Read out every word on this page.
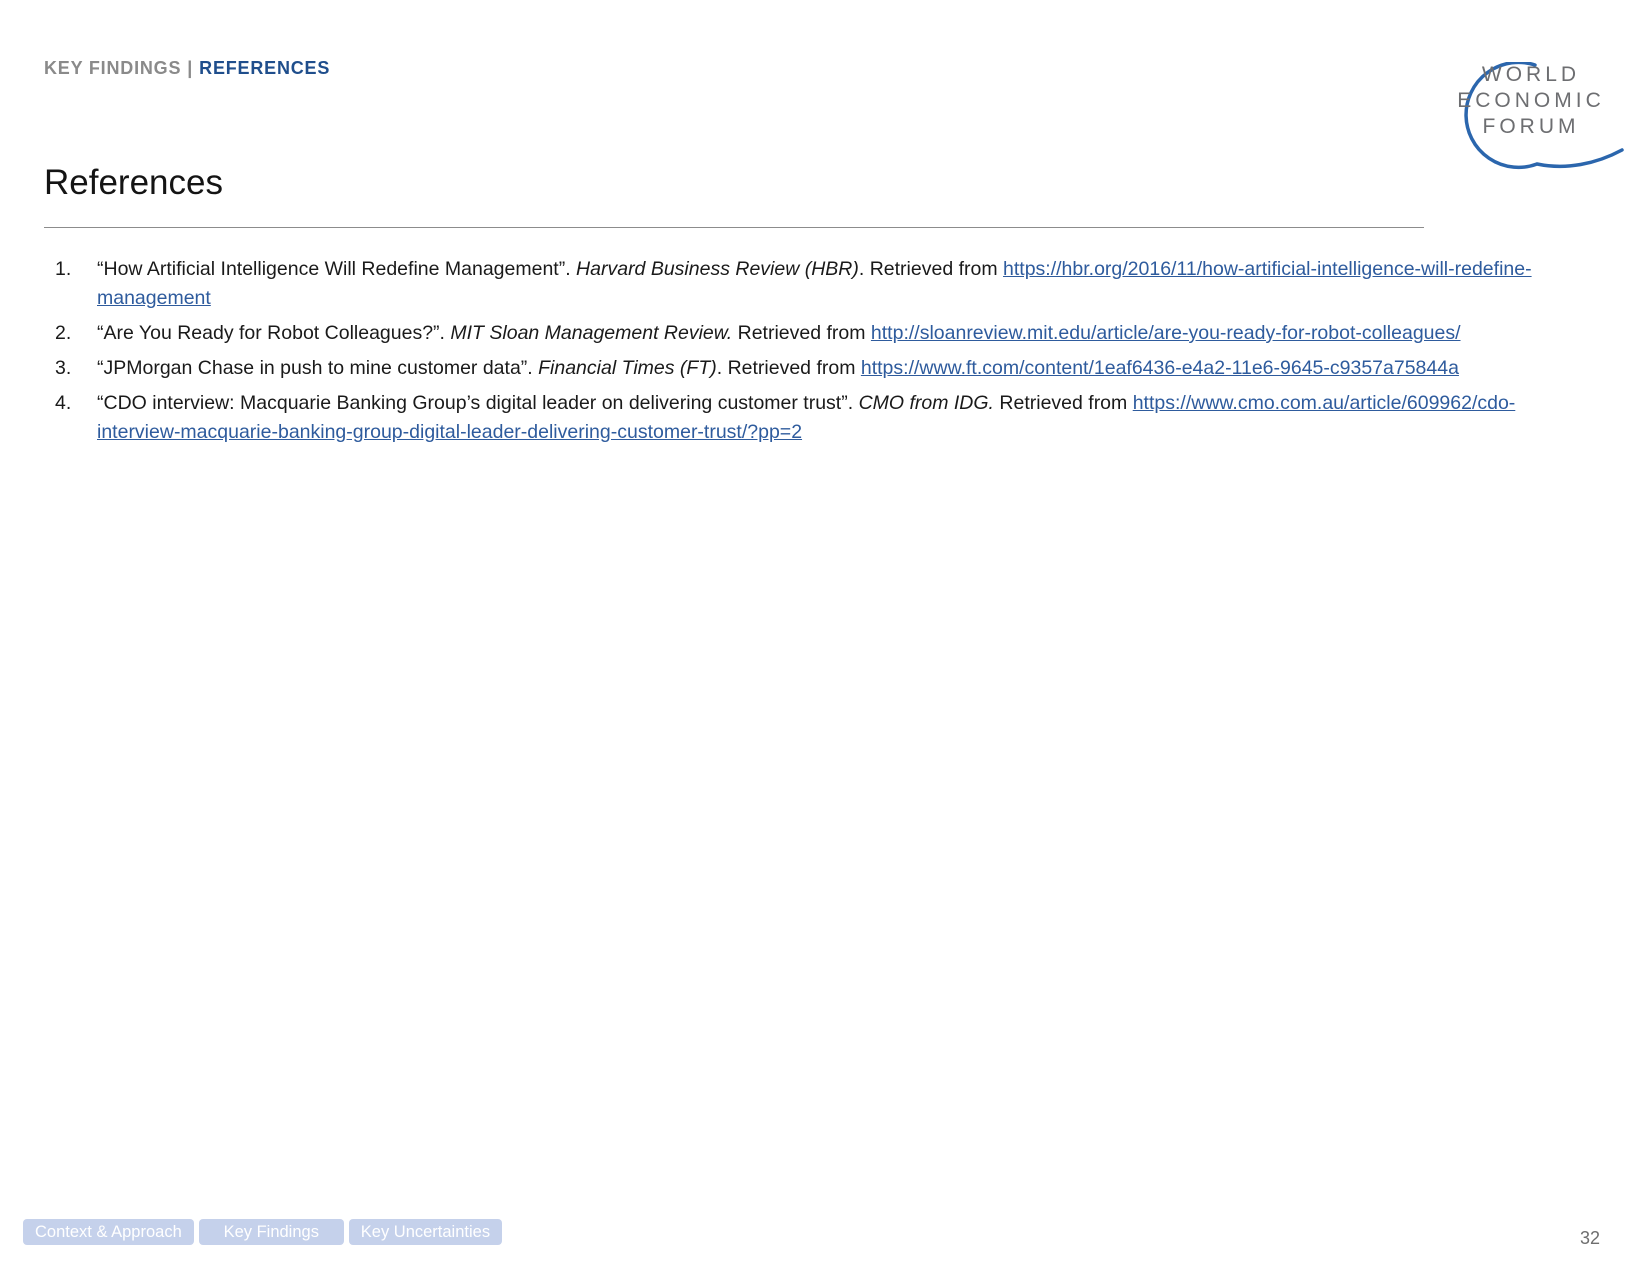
KEY FINDINGS | REFERENCES	WORLD
ECONOMIC
FORUM
References
1. “How Artificial Intelligence Will Redefine Management”. Harvard Business Review (HBR). Retrieved from https://hbr.org/2016/11/how-artificial-intelligence-will-redefine-management
2. “Are You Ready for Robot Colleagues?”. MIT Sloan Management Review. Retrieved from http://sloanreview.mit.edu/article/are-you-ready-for-robot-colleagues/
3. “JPMorgan Chase in push to mine customer data”. Financial Times (FT). Retrieved from https://www.ft.com/content/1eaf6436-e4a2-11e6-9645-c9357a75844a
4. “CDO interview: Macquarie Banking Group’s digital leader on delivering customer trust”. CMO from IDG. Retrieved from https://www.cmo.com.au/article/609962/cdo-interview-macquarie-banking-group-digital-leader-delivering-customer-trust/?pp=2
Context & Approach	Key Findings	Key Uncertainties	32
